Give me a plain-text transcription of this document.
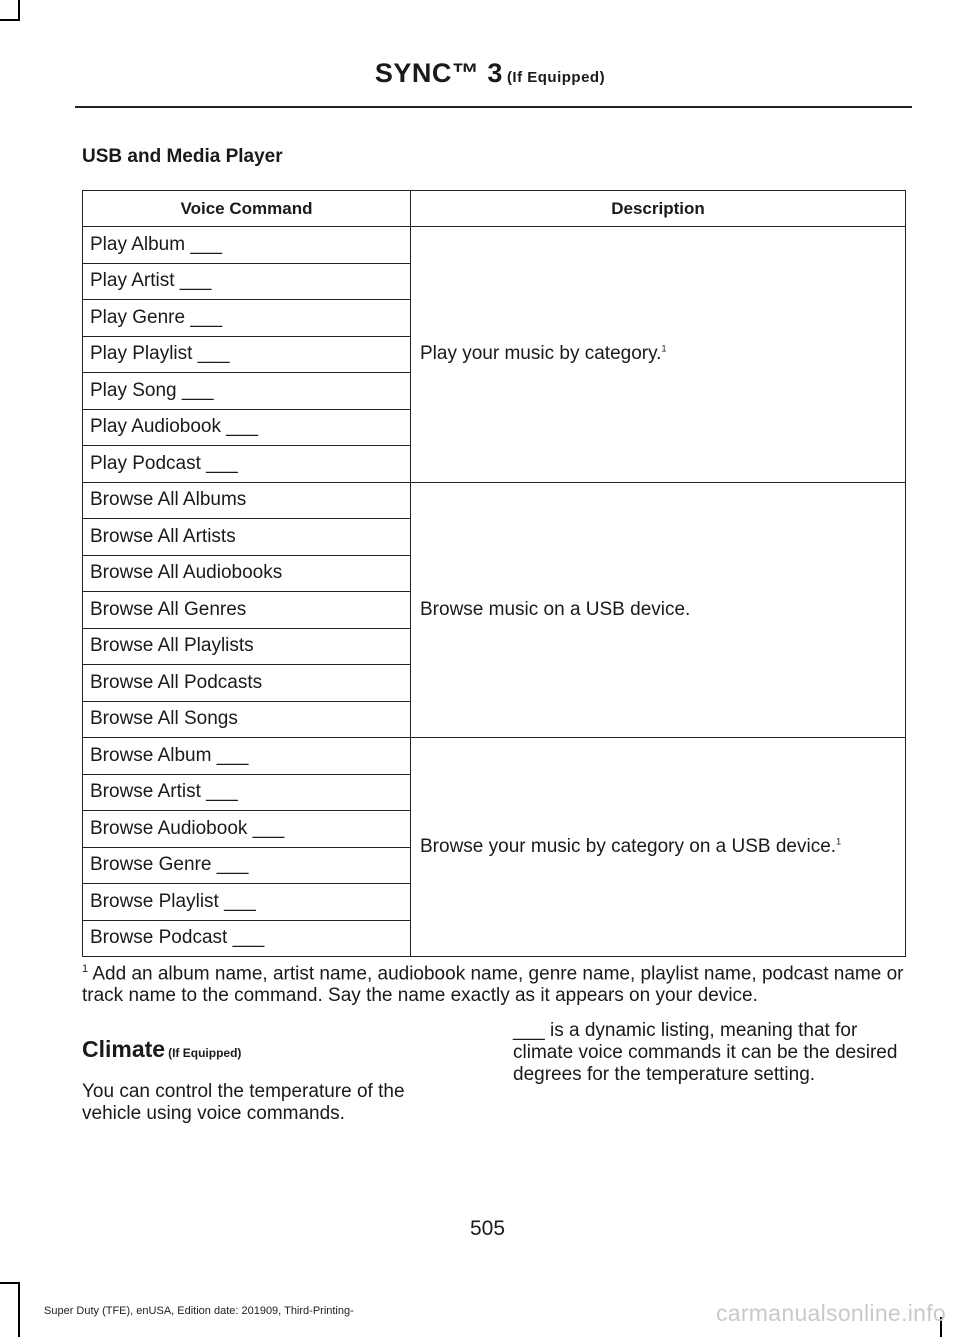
SYNC™ 3 (If Equipped)
USB and Media Player
Voice Command	Description
Play Album ___	Play your music by category.$^1$
Play Artist ___	
Play Genre ___	
Play Playlist ___	
Play Song ___	
Play Audiobook ___	
Play Podcast ___	
Browse All Albums	Browse music on a USB device.
Browse All Artists	
Browse All Audiobooks	
Browse All Genres	
Browse All Playlists	
Browse All Podcasts	
Browse All Songs	
Browse Album ___	Browse your music by category on a USB device.$^1$
Browse Artist ___	
Browse Audiobook ___	
Browse Genre ___	
Browse Playlist ___	
Browse Podcast ___	
$^1$ Add an album name, artist name, audiobook name, genre name, playlist name, podcast name or track name to the command. Say the name exactly as it appears on your device.
Climate (If Equipped)
You can control the temperature of the vehicle using voice commands.
___ is a dynamic listing, meaning that for climate voice commands it can be the desired degrees for the temperature setting.
505
Super Duty (TFE), enUSA, Edition date: 201909, Third-Printing-	carmanualsonline.info
